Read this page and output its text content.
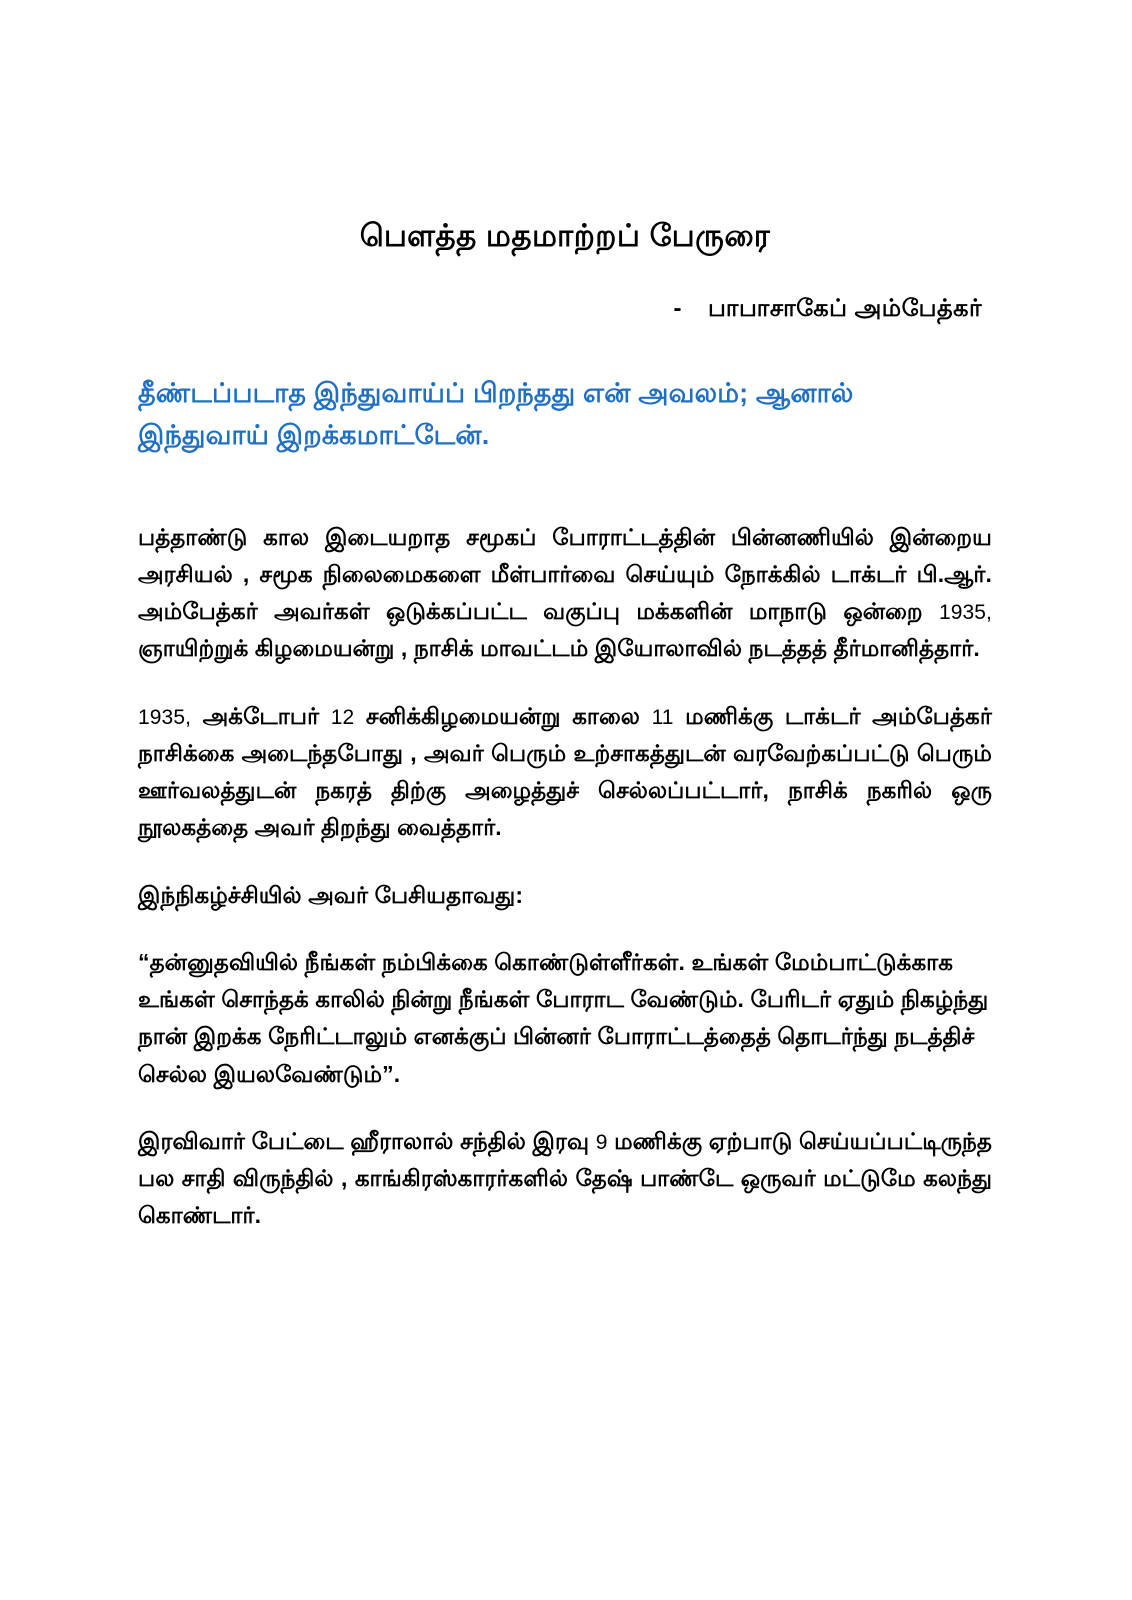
பௌத்த மதமாற்றப் பேருரை
- பாபாசாகேப் அம்பேத்கர்

தீண்டப்படாத இந்துவாய்ப் பிறந்தது என் அவலம்; ஆனால் இந்துவாய் இறக்கமாட்டேன்.

பத்தாண்டு கால இடையறாத சமூகப் போராட்டத்தின் பின்னணியில் இன்றைய அரசியல் , சமூக நிலைமைகளை மீள்பார்வை செய்யும் நோக்கில் டாக்டர் பி.ஆர். அம்பேத்கர் அவர்கள் ஒடுக்கப்பட்ட வகுப்பு மக்களின் மாநாடு ஒன்றை 1935, ஞாயிற்றுக் கிழமையன்று , நாசிக் மாவட்டம் இயோலாவில் நடத்தத் தீர்மானித்தார்.

1935, அக்டோபர் 12 சனிக்கிழமையன்று காலை 11 மணிக்கு டாக்டர் அம்பேத்கர் நாசிக்கை அடைந்தபோது , அவர் பெரும் உற்சாகத்துடன் வரவேற்கப்பட்டு பெரும் ஊர்வலத்துடன் நகரத் திற்கு அழைத்துச் செல்லப்பட்டார், நாசிக் நகரில் ஒரு நூலகத்தை அவர் திறந்து வைத்தார்.

இந்நிகழ்ச்சியில் அவர் பேசியதாவது:

“தன்னுதவியில் நீங்கள் நம்பிக்கை கொண்டுள்ளீர்கள். உங்கள் மேம்பாட்டுக்காக உங்கள் சொந்தக் காலில் நின்று நீங்கள் போராட வேண்டும். பேரிடர் ஏதும் நிகழ்ந்து நான் இறக்க நேரிட்டாலும் எனக்குப் பின்னர் போராட்டத்தைத் தொடர்ந்து நடத்திச் செல்ல இயலவேண்டும்”.

இரவிவார் பேட்டை ஹீராலால் சந்தில் இரவு 9 மணிக்கு ஏற்பாடு செய்யப்பட்டிருந்த பல சாதி விருந்தில் , காங்கிரஸ்காரர்களில் தேஷ் பாண்டே ஒருவர் மட்டுமே கலந்து கொண்டார்.
